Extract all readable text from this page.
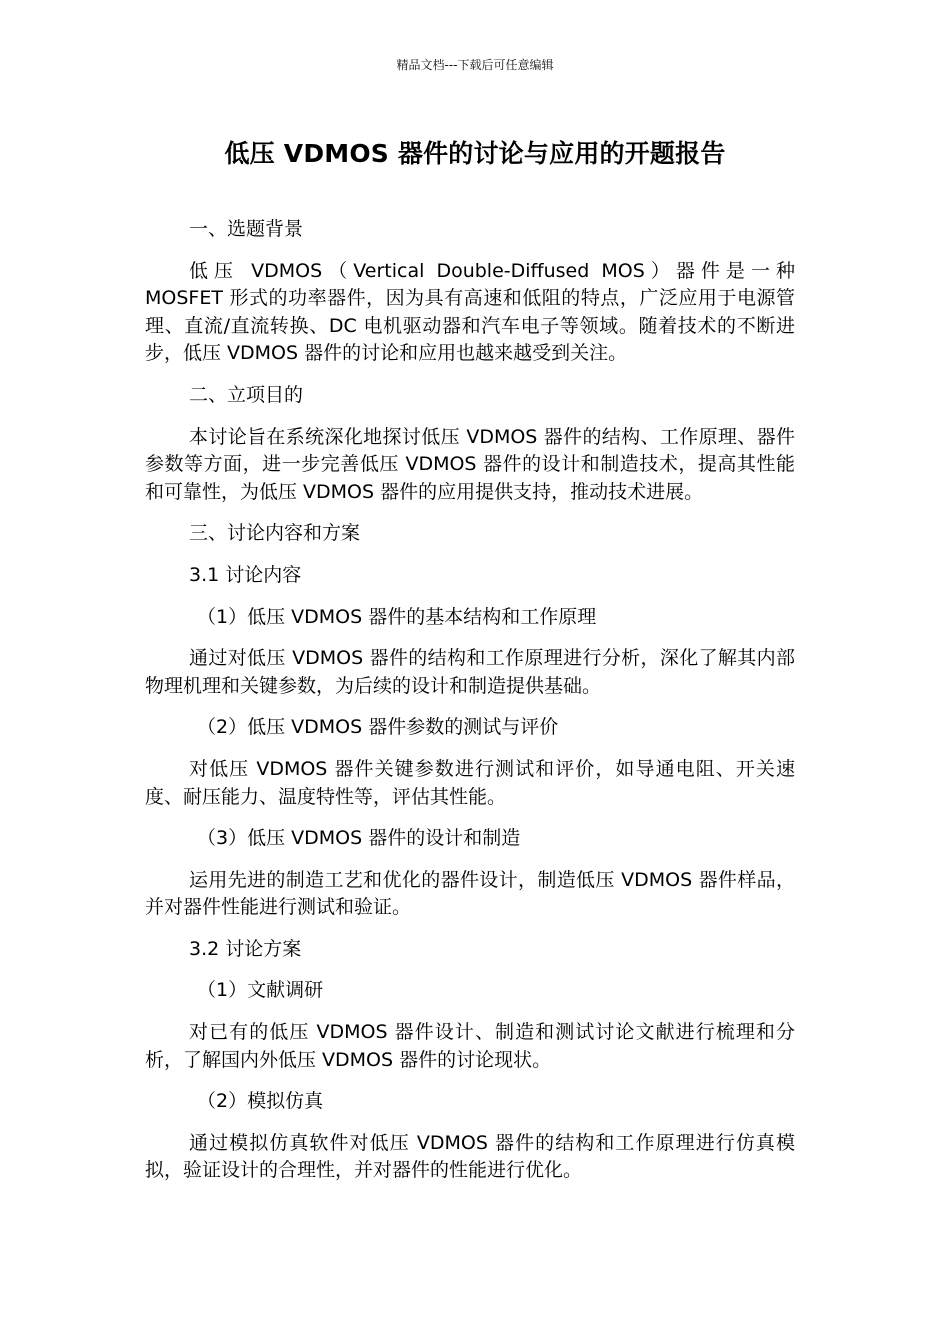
精品文档---下载后可任意编辑
低压 VDMOS 器件的讨论与应用的开题报告

一、选题背景

低压 VDMOS（Vertical Double-Diffused MOS）器件是一种 MOSFET 形式的功率器件，因为具有高速和低阻的特点，广泛应用于电源管理、直流/直流转换、DC 电机驱动器和汽车电子等领域。随着技术的不断进步，低压 VDMOS 器件的讨论和应用也越来越受到关注。

二、立项目的

本讨论旨在系统深化地探讨低压 VDMOS 器件的结构、工作原理、器件参数等方面，进一步完善低压 VDMOS 器件的设计和制造技术，提高其性能和可靠性，为低压 VDMOS 器件的应用提供支持，推动技术进展。

三、讨论内容和方案

3.1 讨论内容

（1）低压 VDMOS 器件的基本结构和工作原理

通过对低压 VDMOS 器件的结构和工作原理进行分析，深化了解其内部物理机理和关键参数，为后续的设计和制造提供基础。

（2）低压 VDMOS 器件参数的测试与评价

对低压 VDMOS 器件关键参数进行测试和评价，如导通电阻、开关速度、耐压能力、温度特性等，评估其性能。

（3）低压 VDMOS 器件的设计和制造

运用先进的制造工艺和优化的器件设计，制造低压 VDMOS 器件样品，并对器件性能进行测试和验证。

3.2 讨论方案

（1）文献调研

对已有的低压 VDMOS 器件设计、制造和测试讨论文献进行梳理和分析，了解国内外低压 VDMOS 器件的讨论现状。

（2）模拟仿真

通过模拟仿真软件对低压 VDMOS 器件的结构和工作原理进行仿真模拟，验证设计的合理性，并对器件的性能进行优化。
